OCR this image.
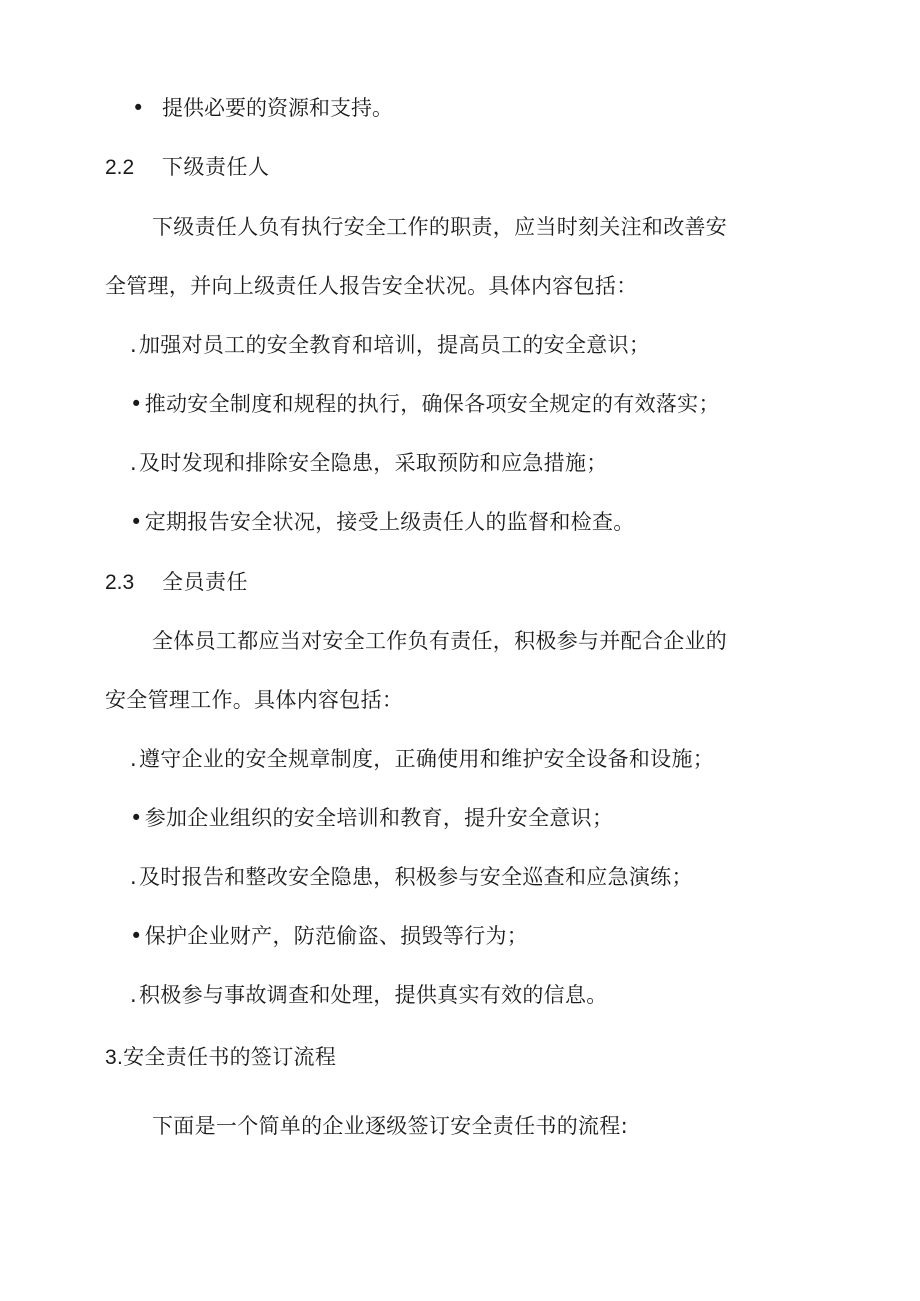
• 提供必要的资源和支持。
2.2 下级责任人
下级责任人负有执行安全工作的职责，应当时刻关注和改善安
全管理，并向上级责任人报告安全状况。具体内容包括：
.加强对员工的安全教育和培训，提高员工的安全意识；
•推动安全制度和规程的执行，确保各项安全规定的有效落实；
.及时发现和排除安全隐患，采取预防和应急措施；
•定期报告安全状况，接受上级责任人的监督和检查。
2.3 全员责任
全体员工都应当对安全工作负有责任，积极参与并配合企业的
安全管理工作。具体内容包括：
.遵守企业的安全规章制度，正确使用和维护安全设备和设施；
•参加企业组织的安全培训和教育，提升安全意识；
.及时报告和整改安全隐患，积极参与安全巡查和应急演练；
•保护企业财产，防范偷盗、损毁等行为；
.积极参与事故调查和处理，提供真实有效的信息。
3.安全责任书的签订流程
下面是一个简单的企业逐级签订安全责任书的流程:
